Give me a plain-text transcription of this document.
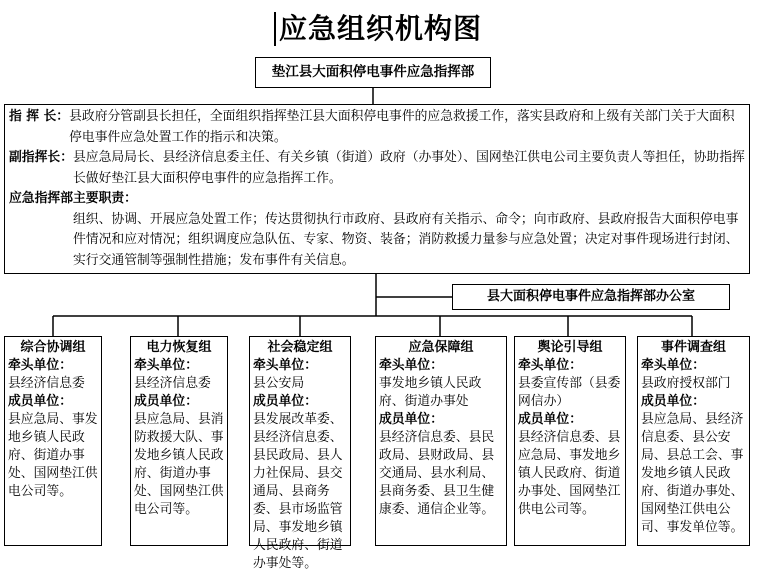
应急组织机构图
垫江县大面积停电事件应急指挥部

指 挥 长： 县政府分管副县长担任，全面组织指挥垫江县大面积停电事件的应急救援工作，落实县政府和上级有关部门关于大面积停电事件应急处置工作的指示和决策。

副指挥长： 县应急局局长、县经济信息委主任、有关乡镇（街道）政府（办事处）、国网垫江供电公司主要负责人等担任，协助指挥长做好垫江县大面积停电事件的应急指挥工作。

应急指挥部主要职责：

组织、协调、开展应急处置工作；传达贯彻执行市政府、县政府有关指示、命令；向市政府、县政府报告大面积停电事件情况和应对情况；组织调度应急队伍、专家、物资、装备；消防救援力量参与应急处置；决定对事件现场进行封闭、实行交通管制等强制性措施；发布事件有关信息。

县大面积停电事件应急指挥部办公室
综合协调组
牵头单位：
县经济信息委
成员单位：
县应急局、事发地乡镇人民政府、街道办事处、国网垫江供电公司等。
电力恢复组
牵头单位：
县经济信息委
成员单位：
县应急局、县消防救援大队、事发地乡镇人民政府、街道办事处、国网垫江供电公司等。
社会稳定组
牵头单位：
县公安局
成员单位：
县发展改革委、县经济信息委、县民政局、县人力社保局、县交通局、县商务委、县市场监管局、事发地乡镇人民政府、街道办事处等。
应急保障组
牵头单位：
事发地乡镇人民政府、街道办事处
成员单位：
县经济信息委、县民政局、县财政局、县交通局、县水利局、县商务委、县卫生健康委、通信企业等。
舆论引导组
牵头单位：
县委宣传部（县委网信办）
成员单位：
县经济信息委、县应急局、事发地乡镇人民政府、街道办事处、国网垫江供电公司等。
事件调查组
牵头单位：
县政府授权部门
成员单位：
县应急局、县经济信息委、县公安局、县总工会、事发地乡镇人民政府、街道办事处、国网垫江供电公司、事发单位等。
